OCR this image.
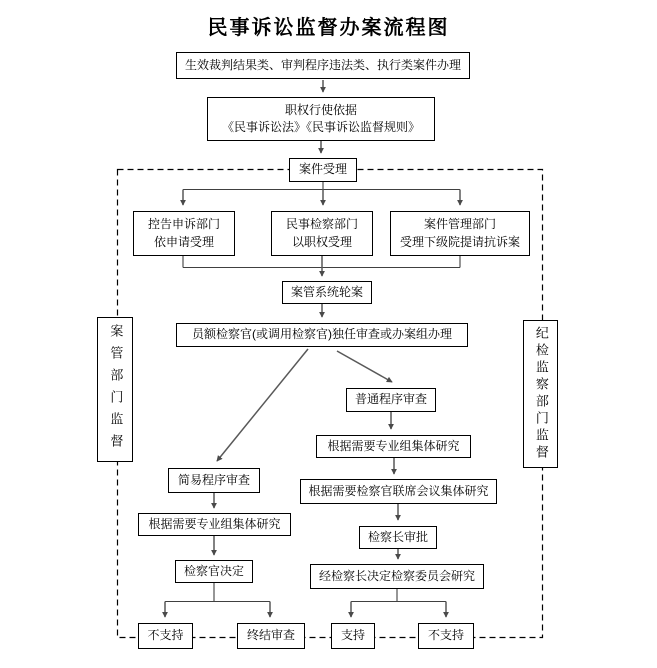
民事诉讼监督办案流程图
生效裁判结果类、审判程序违法类、执行类案件办理
职权行使依据
《民事诉讼法》《民事诉讼监督规则》
案件受理
控告申诉部门
依申请受理
民事检察部门
以职权受理
案件管理部门
受理下级院提请抗诉案
案管系统轮案
员额检察官(或调用检察官)独任审查或办案组办理
普通程序审查
根据需要专业组集体研究
根据需要检察官联席会议集体研究
检察长审批
经检察长决定检察委员会研究
简易程序审查
根据需要专业组集体研究
检察官决定
不支持	终结审查	支持	不支持
案管部门监督	纪检监察部门监督
